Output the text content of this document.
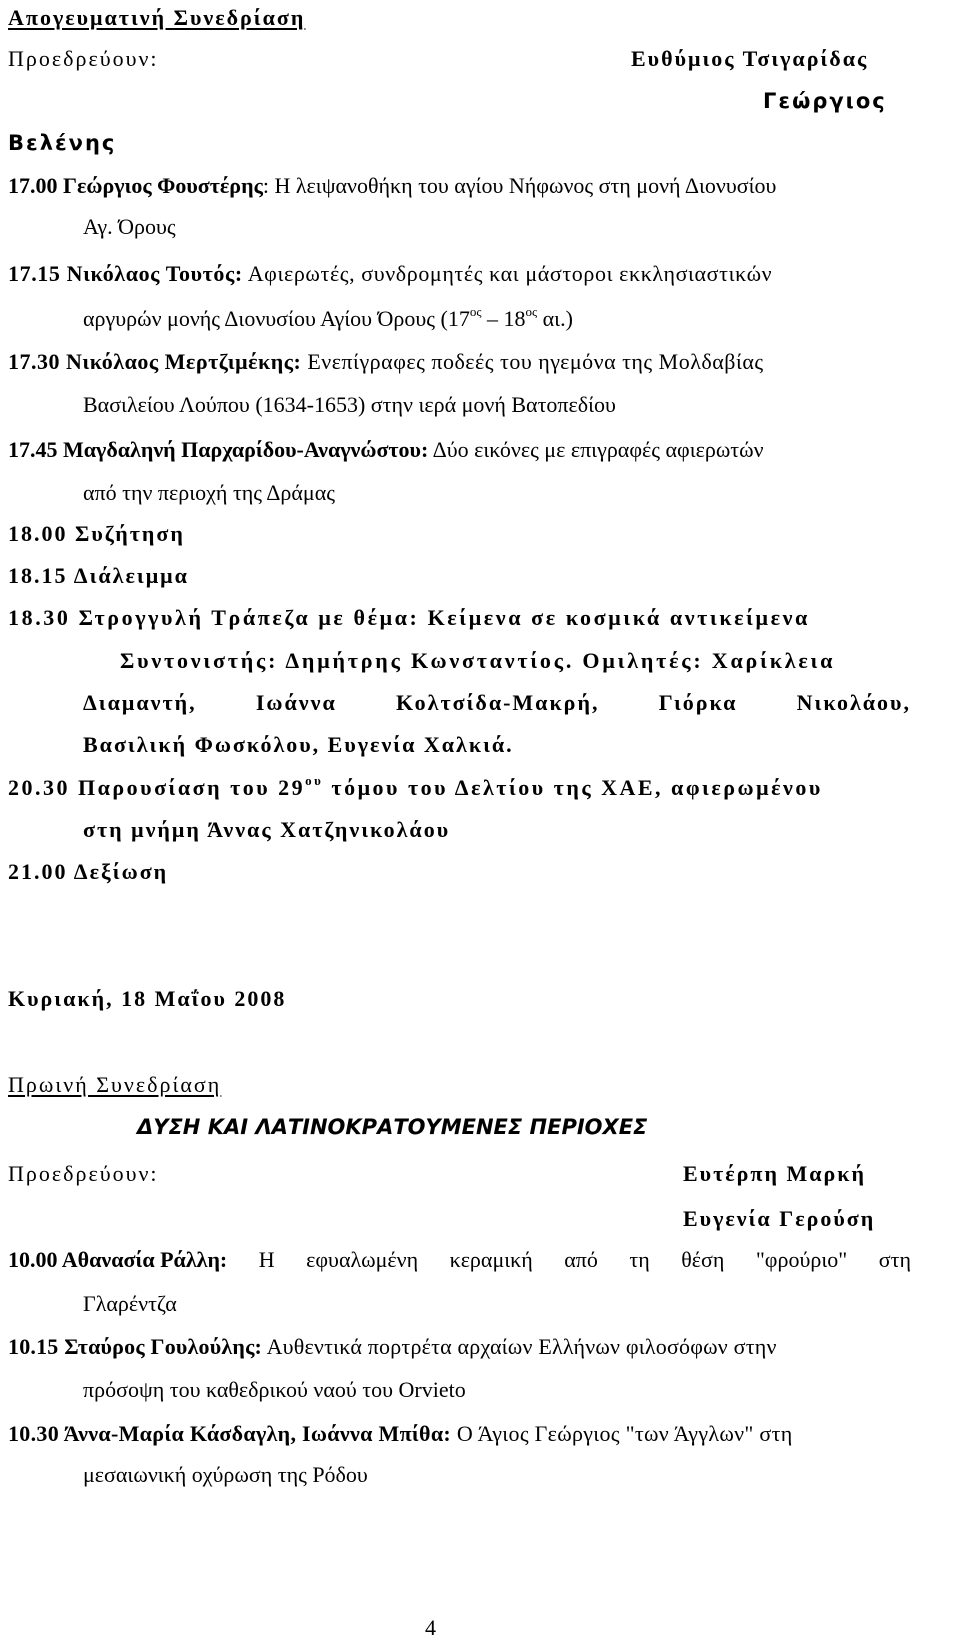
Απογευματινή Συνεδρίαση
Προεδρεύουν:	Ευθύμιος Τσιγαρίδας
Γεώργιος
Βελένης
17.00 Γεώργιος Φουστέρης: Η λειψανοθήκη του αγίου Νήφωνος στη μονή Διονυσίου
Αγ. Όρους
17.15 Νικόλαος Τουτός: Αφιερωτές, συνδρομητές και μάστοροι εκκλησιαστικών
αργυρών μονής Διονυσίου Αγίου Όρους ($17^{o\varsigma} - 18^{o\varsigma}$ αι.)
17.30 Νικόλαος Μερτζιμέκης: Ενεπίγραφες ποδεές του ηγεμόνα της Μολδαβίας
Βασιλείου Λούπου (1634-1653) στην ιερά μονή Βατοπεδίου
17.45 Μαγδαληνή Παρχαρίδου-Αναγνώστου: Δύο εικόνες με επιγραφές αφιερωτών
από την περιοχή της Δράμας
18.00 Συζήτηση
18.15 Διάλειμμα
18.30 Στρογγυλή Τράπεζα με θέμα: Κείμενα σε κοσμικά αντικείμενα
Συντονιστής: Δημήτρης Κωνσταντίος. Ομιλητές: Χαρίκλεια
Διαμαντή,	Ιωάννα	Κολτσίδα-Μακρή,	Γιόρκα	Νικολάου,
Βασιλική Φωσκόλου, Ευγενία Χαλκιά.
20.30 Παρουσίαση του $29^{o\upsilon}$ τόμου του Δελτίου της ΧΑΕ, αφιερωμένου
στη μνήμη Άννας Χατζηνικολάου
21.00 Δεξίωση
Κυριακή, 18 Μαΐου 2008
Πρωινή Συνεδρίαση
ΔΥΣΗ ΚΑΙ ΛΑΤΙΝΟΚΡΑΤΟΥΜΕΝΕΣ ΠΕΡΙΟΧΕΣ
Προεδρεύουν:	Ευτέρπη Μαρκή
Ευγενία Γερούση
10.00 Αθανασία Ράλλη: Η εφυαλωμένη κεραμική από τη θέση "φρούριο" στη
Γλαρέντζα
10.15 Σταύρος Γουλούλης: Αυθεντικά πορτρέτα αρχαίων Ελλήνων φιλοσόφων στην
πρόσοψη του καθεδρικού ναού του Orvieto
10.30 Άννα-Μαρία Κάσδαγλη, Ιωάννα Μπίθα: Ο Άγιος Γεώργιος "των Άγγλων" στη
μεσαιωνική οχύρωση της Ρόδου
4
